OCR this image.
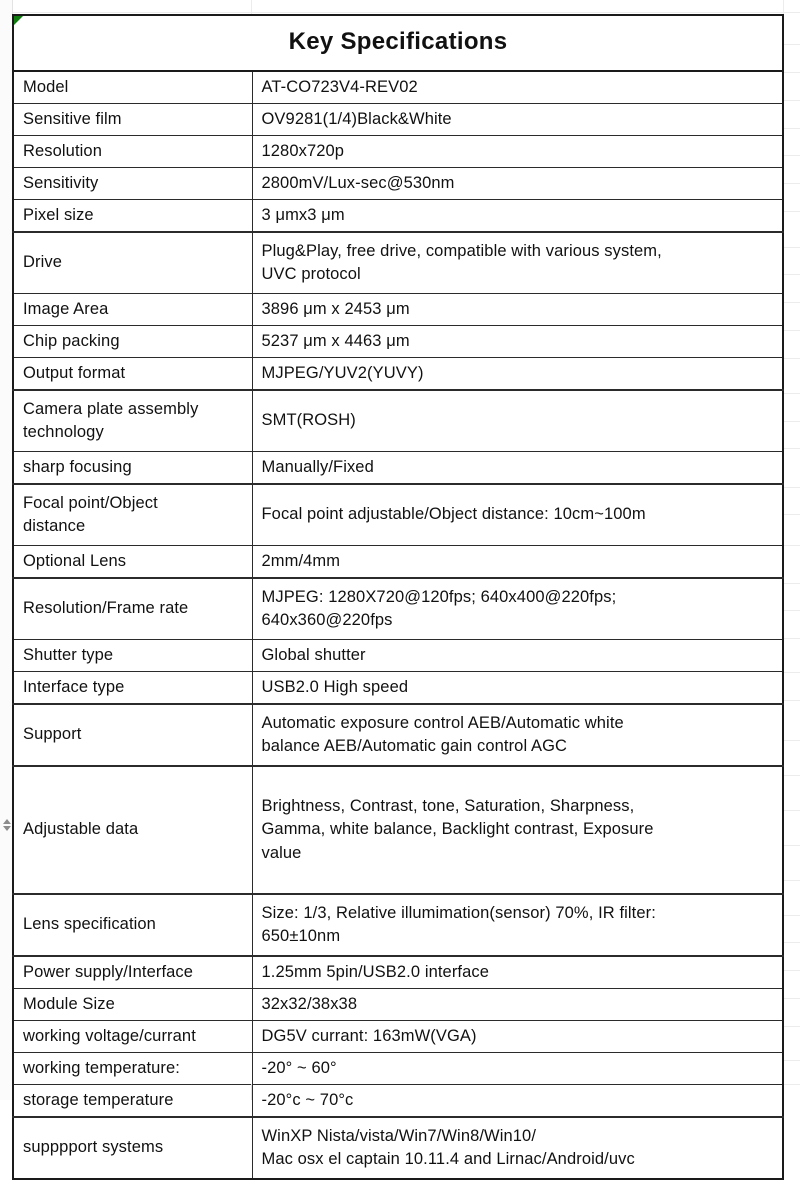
Key Specifications	
Model	AT-CO723V4-REV02
Sensitive film	OV9281(1/4)Black&White
Resolution	1280x720p
Sensitivity	2800mV/Lux-sec@530nm
Pixel size	3 μmx3 μm
Drive	Plug&Play, free drive, compatible with various system,
UVC protocol

Image Area	3896 μm x 2453 μm
Chip packing	5237 μm x 4463 μm
Output format	MJPEG/YUV2(YUVY)

Camera plate assembly
technology	SMT(ROSH)
sharp focusing	Manually/Fixed

Focal point/Object
distance	Focal point adjustable/Object distance: 10cm~100m
Optional Lens	2mm/4mm
Resolution/Frame rate	MJPEG: 1280X720@120fps; 640x400@220fps;
640x360@220fps

Shutter type	Global shutter
Interface type	USB2.0 High speed
Support	Automatic exposure control AEB/Automatic white
balance AEB/Automatic gain control AGC

Adjustable data	Brightness, Contrast, tone, Saturation, Sharpness,
Gamma, white balance, Backlight contrast, Exposure
value

Lens specification	Size: 1/3, Relative illumimation(sensor) 70%, IR filter:
650±10nm

Power supply/Interface	1.25mm 5pin/USB2.0 interface
Module Size	32x32/38x38
working voltage/currant	DG5V currant: 163mW(VGA)
working temperature:	-20° ~ 60°
storage temperature	-20°c ~ 70°c
supppport systems	WinXP Nista/vista/Win7/Win8/Win10/
Mac osx el captain 10.11.4 and Lirnac/Android/uvc
